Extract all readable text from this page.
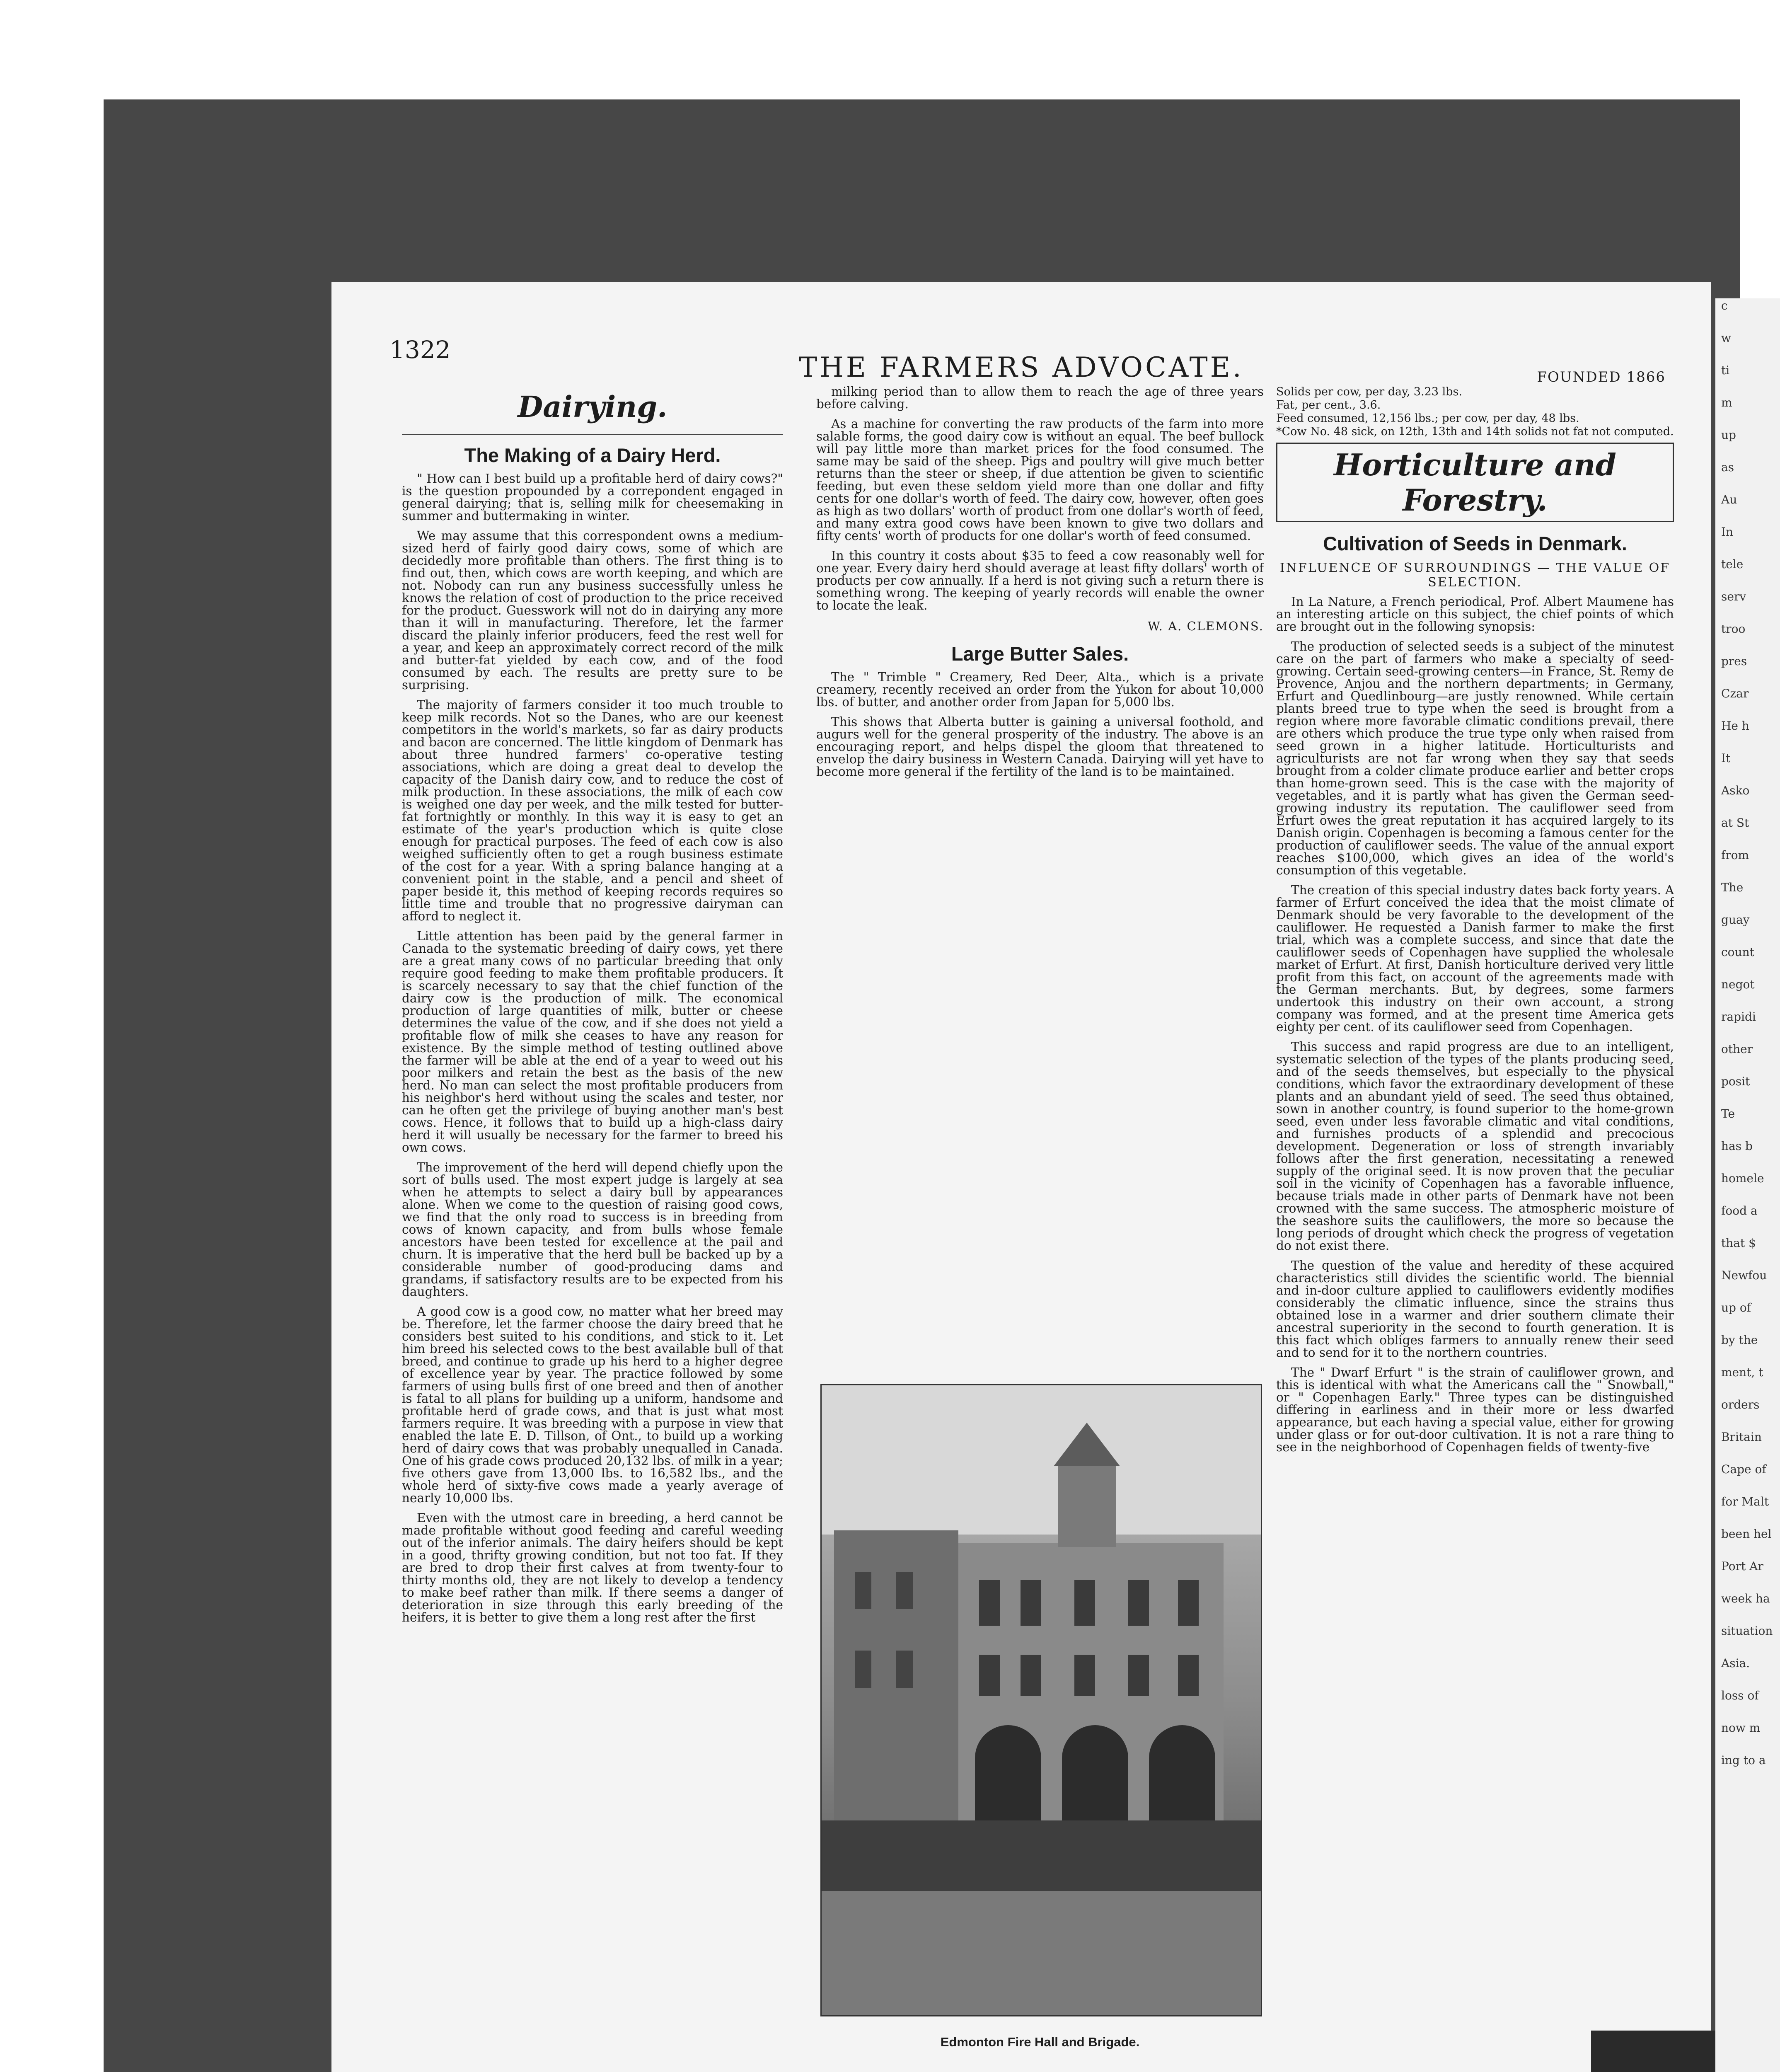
c

w

ti

m

up

as

Au

In

tele

serv

troo

pres

Czar

He h

It

Asko

at St

from

The

guay

count

negot

rapidi

other

posit

Te

has b

homele

food a

that $

Newfou

up of

by the

ment, t

orders

Britain

Cape of

for Malt

been hel

Port Ar

week ha

situation

Asia.

loss of

now m

ing to a

1322
THE FARMERS ADVOCATE.	FOUNDED 1866
Dairying.
The Making of a Dairy Herd.

" How can I best build up a profitable herd of dairy cows?" is the question propounded by a correpondent engaged in general dairying; that is, selling milk for cheesemaking in summer and buttermaking in winter.

We may assume that this correspondent owns a medium-sized herd of fairly good dairy cows, some of which are decidedly more profitable than others. The first thing is to find out, then, which cows are worth keeping, and which are not. Nobody can run any business successfully unless he knows the relation of cost of production to the price received for the product. Guesswork will not do in dairying any more than it will in manufacturing. Therefore, let the farmer discard the plainly inferior producers, feed the rest well for a year, and keep an approximately correct record of the milk and butter-fat yielded by each cow, and of the food consumed by each. The results are pretty sure to be surprising.

The majority of farmers consider it too much trouble to keep milk records. Not so the Danes, who are our keenest competitors in the world's markets, so far as dairy products and bacon are concerned. The little kingdom of Denmark has about three hundred farmers' co-operative testing associations, which are doing a great deal to develop the capacity of the Danish dairy cow, and to reduce the cost of milk production. In these associations, the milk of each cow is weighed one day per week, and the milk tested for butter-fat fortnightly or monthly. In this way it is easy to get an estimate of the year's production which is quite close enough for practical purposes. The feed of each cow is also weighed sufficiently often to get a rough business estimate of the cost for a year. With a spring balance hanging at a convenient point in the stable, and a pencil and sheet of paper beside it, this method of keeping records requires so little time and trouble that no progressive dairyman can afford to neglect it.

Little attention has been paid by the general farmer in Canada to the systematic breeding of dairy cows, yet there are a great many cows of no particular breeding that only require good feeding to make them profitable producers. It is scarcely necessary to say that the chief function of the dairy cow is the production of milk. The economical production of large quantities of milk, butter or cheese determines the value of the cow, and if she does not yield a profitable flow of milk she ceases to have any reason for existence. By the simple method of testing outlined above the farmer will be able at the end of a year to weed out his poor milkers and retain the best as the basis of the new herd. No man can select the most profitable producers from his neighbor's herd without using the scales and tester, nor can he often get the privilege of buying another man's best cows. Hence, it follows that to build up a high-class dairy herd it will usually be necessary for the farmer to breed his own cows.

The improvement of the herd will depend chiefly upon the sort of bulls used. The most expert judge is largely at sea when he attempts to select a dairy bull by appearances alone. When we come to the question of raising good cows, we find that the only road to success is in breeding from cows of known capacity, and from bulls whose female ancestors have been tested for excellence at the pail and churn. It is imperative that the herd bull be backed up by a considerable number of good-producing dams and grandams, if satisfactory results are to be expected from his daughters.

A good cow is a good cow, no matter what her breed may be. Therefore, let the farmer choose the dairy breed that he considers best suited to his conditions, and stick to it. Let him breed his selected cows to the best available bull of that breed, and continue to grade up his herd to a higher degree of excellence year by year. The practice followed by some farmers of using bulls first of one breed and then of another is fatal to all plans for building up a uniform, handsome and profitable herd of grade cows, and that is just what most farmers require. It was breeding with a purpose in view that enabled the late E. D. Tillson, of Ont., to build up a working herd of dairy cows that was probably unequalled in Canada. One of his grade cows produced 20,132 lbs. of milk in a year; five others gave from 13,000 lbs. to 16,582 lbs., and the whole herd of sixty-five cows made a yearly average of nearly 10,000 lbs.

Even with the utmost care in breeding, a herd cannot be made profitable without good feeding and careful weeding out of the inferior animals. The dairy heifers should be kept in a good, thrifty growing condition, but not too fat. If they are bred to drop their first calves at from twenty-four to thirty months old, they are not likely to develop a tendency to make beef rather than milk. If there seems a danger of deterioration in size through this early breeding of the heifers, it is better to give them a long rest after the first

milking period than to allow them to reach the age of three years before calving.

As a machine for converting the raw products of the farm into more salable forms, the good dairy cow is without an equal. The beef bullock will pay little more than market prices for the food consumed. The same may be said of the sheep. Pigs and poultry will give much better returns than the steer or sheep, if due attention be given to scientific feeding, but even these seldom yield more than one dollar and fifty cents for one dollar's worth of feed. The dairy cow, however, often goes as high as two dollars' worth of product from one dollar's worth of feed, and many extra good cows have been known to give two dollars and fifty cents' worth of products for one dollar's worth of feed consumed.

In this country it costs about $35 to feed a cow reasonably well for one year. Every dairy herd should average at least fifty dollars' worth of products per cow annually. If a herd is not giving such a return there is something wrong. The keeping of yearly records will enable the owner to locate the leak.

W. A. CLEMONS.
Large Butter Sales.

The " Trimble " Creamery, Red Deer, Alta., which is a private creamery, recently received an order from the Yukon for about 10,000 lbs. of butter, and another order from Japan for 5,000 lbs.

This shows that Alberta butter is gaining a universal foothold, and augurs well for the general prosperity of the industry. The above is an encouraging report, and helps dispel the gloom that threatened to envelop the dairy business in Western Canada. Dairying will yet have to become more general if the fertility of the land is to be maintained.

Edmonton Fire Hall and Brigade.

Solids per cow, per day, 3.23 lbs.

Fat, per cent., 3.6.

Feed consumed, 12,156 lbs.; per cow, per day, 48 lbs.

*Cow No. 48 sick, on 12th, 13th and 14th solids not fat not computed.

Horticulture and Forestry.
Cultivation of Seeds in Denmark.
INFLUENCE OF SURROUNDINGS — THE VALUE OF SELECTION.

In La Nature, a French periodical, Prof. Albert Maumene has an interesting article on this subject, the chief points of which are brought out in the following synopsis:

The production of selected seeds is a subject of the minutest care on the part of farmers who make a specialty of seed-growing. Certain seed-growing centers—in France, St. Remy de Provence, Anjou and the northern departments; in Germany, Erfurt and Quedlinbourg—are justly renowned. While certain plants breed true to type when the seed is brought from a region where more favorable climatic conditions prevail, there are others which produce the true type only when raised from seed grown in a higher latitude. Horticulturists and agriculturists are not far wrong when they say that seeds brought from a colder climate produce earlier and better crops than home-grown seed. This is the case with the majority of vegetables, and it is partly what has given the German seed-growing industry its reputation. The cauliflower seed from Erfurt owes the great reputation it has acquired largely to its Danish origin. Copenhagen is becoming a famous center for the production of cauliflower seeds. The value of the annual export reaches $100,000, which gives an idea of the world's consumption of this vegetable.

The creation of this special industry dates back forty years. A farmer of Erfurt conceived the idea that the moist climate of Denmark should be very favorable to the development of the cauliflower. He requested a Danish farmer to make the first trial, which was a complete success, and since that date the cauliflower seeds of Copenhagen have supplied the wholesale market of Erfurt. At first, Danish horticulture derived very little profit from this fact, on account of the agreements made with the German merchants. But, by degrees, some farmers undertook this industry on their own account, a strong company was formed, and at the present time America gets eighty per cent. of its cauliflower seed from Copenhagen.

This success and rapid progress are due to an intelligent, systematic selection of the types of the plants producing seed, and of the seeds themselves, but especially to the physical conditions, which favor the extraordinary development of these plants and an abundant yield of seed. The seed thus obtained, sown in another country, is found superior to the home-grown seed, even under less favorable climatic and vital conditions, and furnishes products of a splendid and precocious development. Degeneration or loss of strength invariably follows after the first generation, necessitating a renewed supply of the original seed. It is now proven that the peculiar soil in the vicinity of Copenhagen has a favorable influence, because trials made in other parts of Denmark have not been crowned with the same success. The atmospheric moisture of the seashore suits the cauliflowers, the more so because the long periods of drought which check the progress of vegetation do not exist there.

The question of the value and heredity of these acquired characteristics still divides the scientific world. The biennial and in-door culture applied to cauliflowers evidently modifies considerably the climatic influence, since the strains thus obtained lose in a warmer and drier southern climate their ancestral superiority in the second to fourth generation. It is this fact which obliges farmers to annually renew their seed and to send for it to the northern countries.

The " Dwarf Erfurt " is the strain of cauliflower grown, and this is identical with what the Americans call the " Snowball," or " Copenhagen Early." Three types can be distinguished differing in earliness and in their more or less dwarfed appearance, but each having a special value, either for growing under glass or for out-door cultivation. It is not a rare thing to see in the neighborhood of Copenhagen fields of twenty-five
